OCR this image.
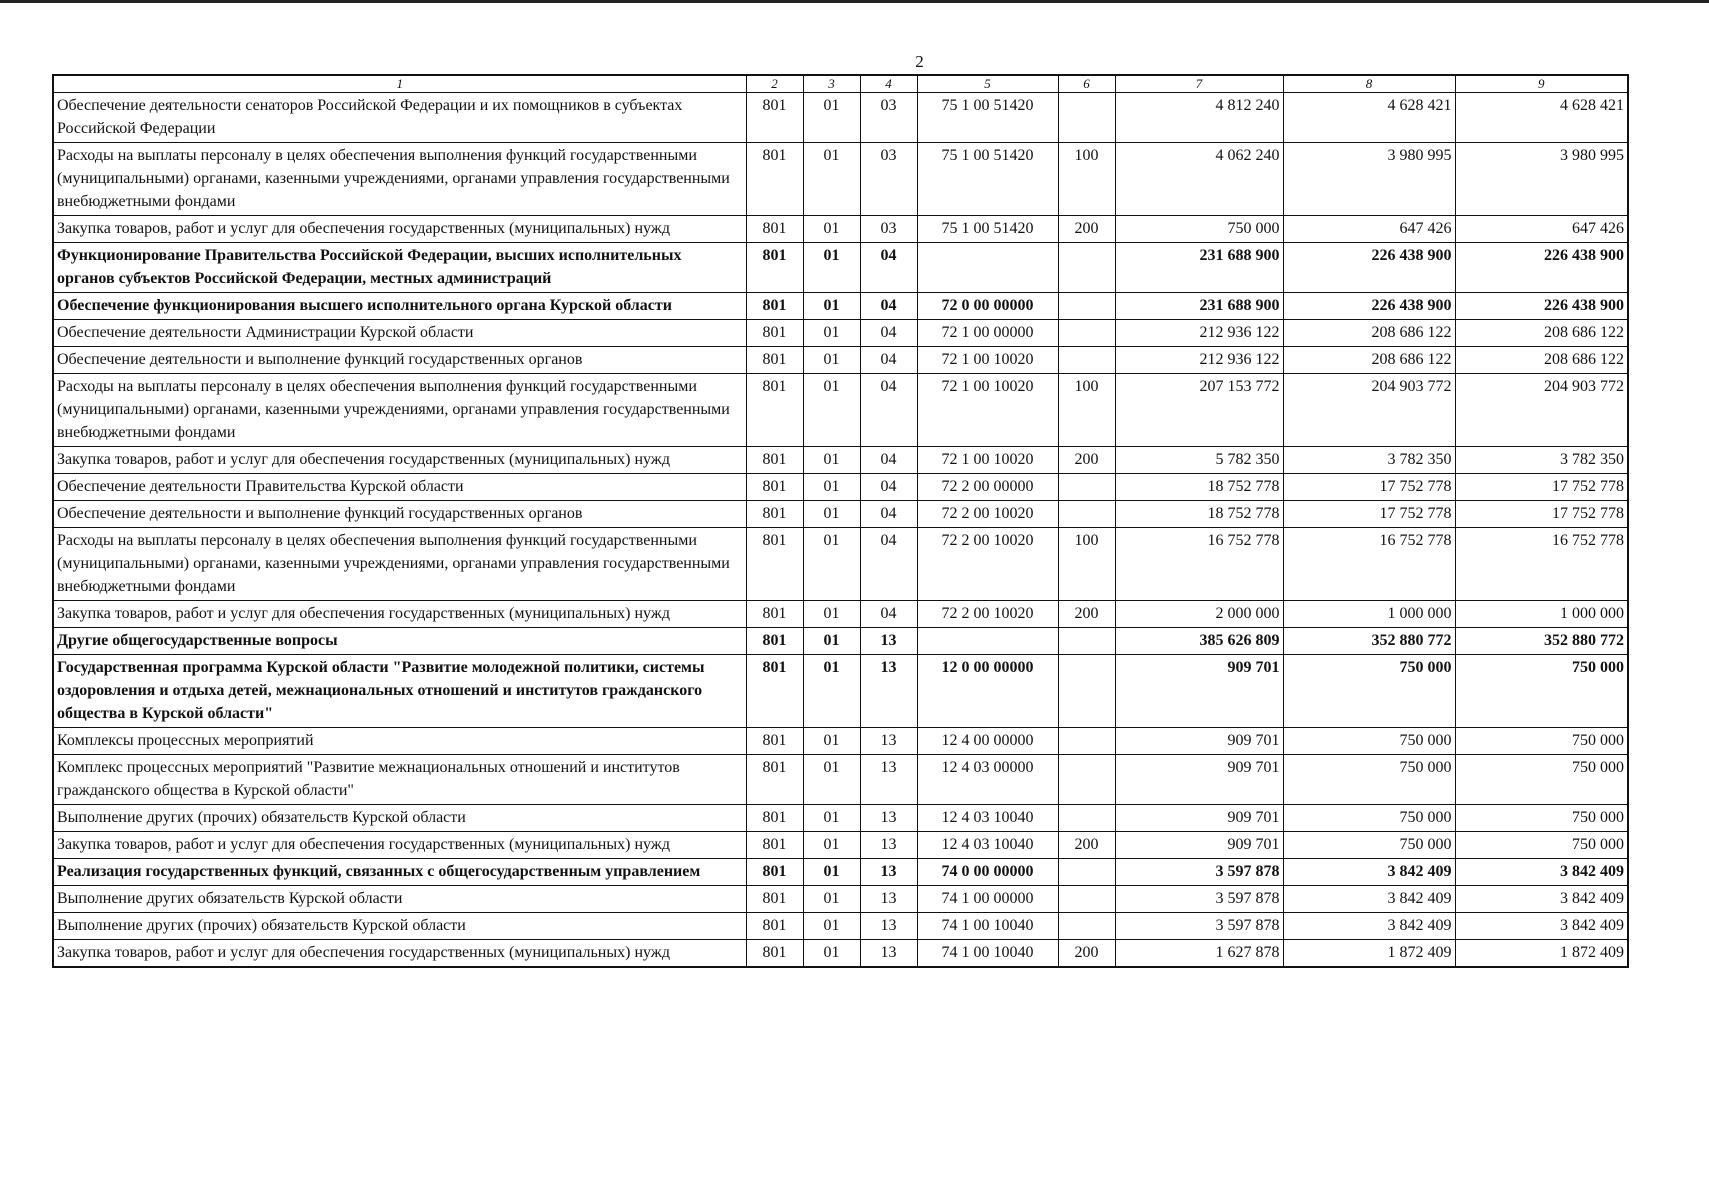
2
1	2	3	4	5	6	7	8	9
Обеспечение деятельности сенаторов Российской Федерации и их помощников в субъектах Российской Федерации	801	01	03	75 1 00 51420		4 812 240	4 628 421	4 628 421
Расходы на выплаты персоналу в целях обеспечения выполнения функций государственными (муниципальными) органами, казенными учреждениями, органами управления государственными внебюджетными фондами	801	01	03	75 1 00 51420	100	4 062 240	3 980 995	3 980 995
Закупка товаров, работ и услуг для обеспечения государственных (муниципальных) нужд	801	01	03	75 1 00 51420	200	750 000	647 426	647 426
Функционирование Правительства Российской Федерации, высших исполнительных органов субъектов Российской Федерации, местных администраций	801	01	04			231 688 900	226 438 900	226 438 900
Обеспечение функционирования высшего исполнительного органа Курской области	801	01	04	72 0 00 00000		231 688 900	226 438 900	226 438 900
Обеспечение деятельности Администрации Курской области	801	01	04	72 1 00 00000		212 936 122	208 686 122	208 686 122
Обеспечение деятельности и выполнение функций государственных органов	801	01	04	72 1 00 10020		212 936 122	208 686 122	208 686 122
Расходы на выплаты персоналу в целях обеспечения выполнения функций государственными (муниципальными) органами, казенными учреждениями, органами управления государственными внебюджетными фондами	801	01	04	72 1 00 10020	100	207 153 772	204 903 772	204 903 772
Закупка товаров, работ и услуг для обеспечения государственных (муниципальных) нужд	801	01	04	72 1 00 10020	200	5 782 350	3 782 350	3 782 350
Обеспечение деятельности Правительства Курской области	801	01	04	72 2 00 00000		18 752 778	17 752 778	17 752 778
Обеспечение деятельности и выполнение функций государственных органов	801	01	04	72 2 00 10020		18 752 778	17 752 778	17 752 778
Расходы на выплаты персоналу в целях обеспечения выполнения функций государственными (муниципальными) органами, казенными учреждениями, органами управления государственными внебюджетными фондами	801	01	04	72 2 00 10020	100	16 752 778	16 752 778	16 752 778
Закупка товаров, работ и услуг для обеспечения государственных (муниципальных) нужд	801	01	04	72 2 00 10020	200	2 000 000	1 000 000	1 000 000
Другие общегосударственные вопросы	801	01	13			385 626 809	352 880 772	352 880 772
Государственная программа Курской области "Развитие молодежной политики, системы оздоровления и отдыха детей, межнациональных отношений и институтов гражданского общества в Курской области"	801	01	13	12 0 00 00000		909 701	750 000	750 000
Комплексы процессных мероприятий	801	01	13	12 4 00 00000		909 701	750 000	750 000
Комплекс процессных мероприятий "Развитие межнациональных отношений и институтов гражданского общества в Курской области"	801	01	13	12 4 03 00000		909 701	750 000	750 000
Выполнение других (прочих) обязательств Курской области	801	01	13	12 4 03 10040		909 701	750 000	750 000
Закупка товаров, работ и услуг для обеспечения государственных (муниципальных) нужд	801	01	13	12 4 03 10040	200	909 701	750 000	750 000
Реализация государственных функций, связанных с общегосударственным управлением	801	01	13	74 0 00 00000		3 597 878	3 842 409	3 842 409
Выполнение других обязательств Курской области	801	01	13	74 1 00 00000		3 597 878	3 842 409	3 842 409
Выполнение других (прочих) обязательств Курской области	801	01	13	74 1 00 10040		3 597 878	3 842 409	3 842 409
Закупка товаров, работ и услуг для обеспечения государственных (муниципальных) нужд	801	01	13	74 1 00 10040	200	1 627 878	1 872 409	1 872 409
